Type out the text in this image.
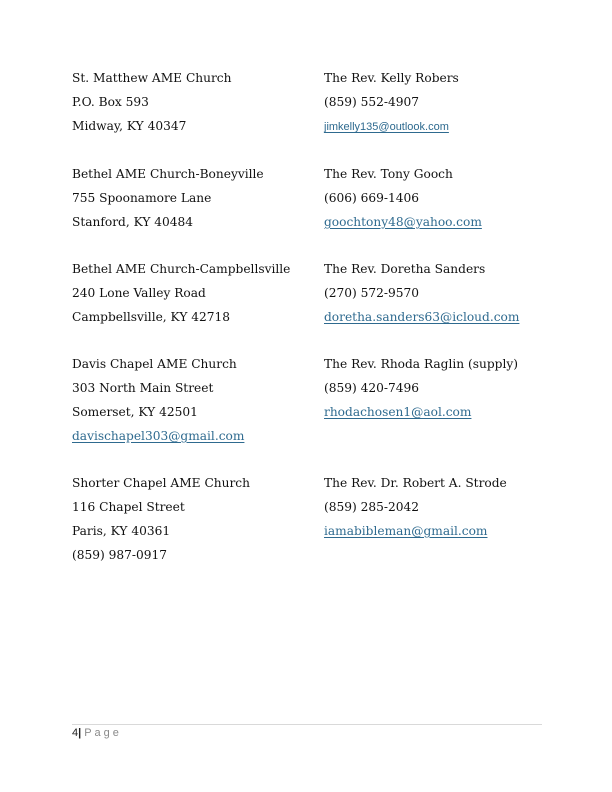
St. Matthew AME Church
P.O. Box 593
Midway, KY 40347
The Rev. Kelly Robers
(859) 552-4907
jimkelly135@outlook.com
Bethel AME Church-Boneyville
755 Spoonamore Lane
Stanford, KY 40484
The Rev. Tony Gooch
(606) 669-1406
goochtony48@yahoo.com
Bethel AME Church-Campbellsville
240 Lone Valley Road
Campbellsville, KY 42718
The Rev. Doretha Sanders
(270) 572-9570
doretha.sanders63@icloud.com
Davis Chapel AME Church
303 North Main Street
Somerset, KY 42501
davischapel303@gmail.com
The Rev. Rhoda Raglin (supply)
(859) 420-7496
rhodachosen1@aol.com
Shorter Chapel AME Church
116 Chapel Street
Paris, KY 40361
(859) 987-0917
The Rev. Dr. Robert A. Strode
(859) 285-2042
iamabibleman@gmail.com
4| Page
